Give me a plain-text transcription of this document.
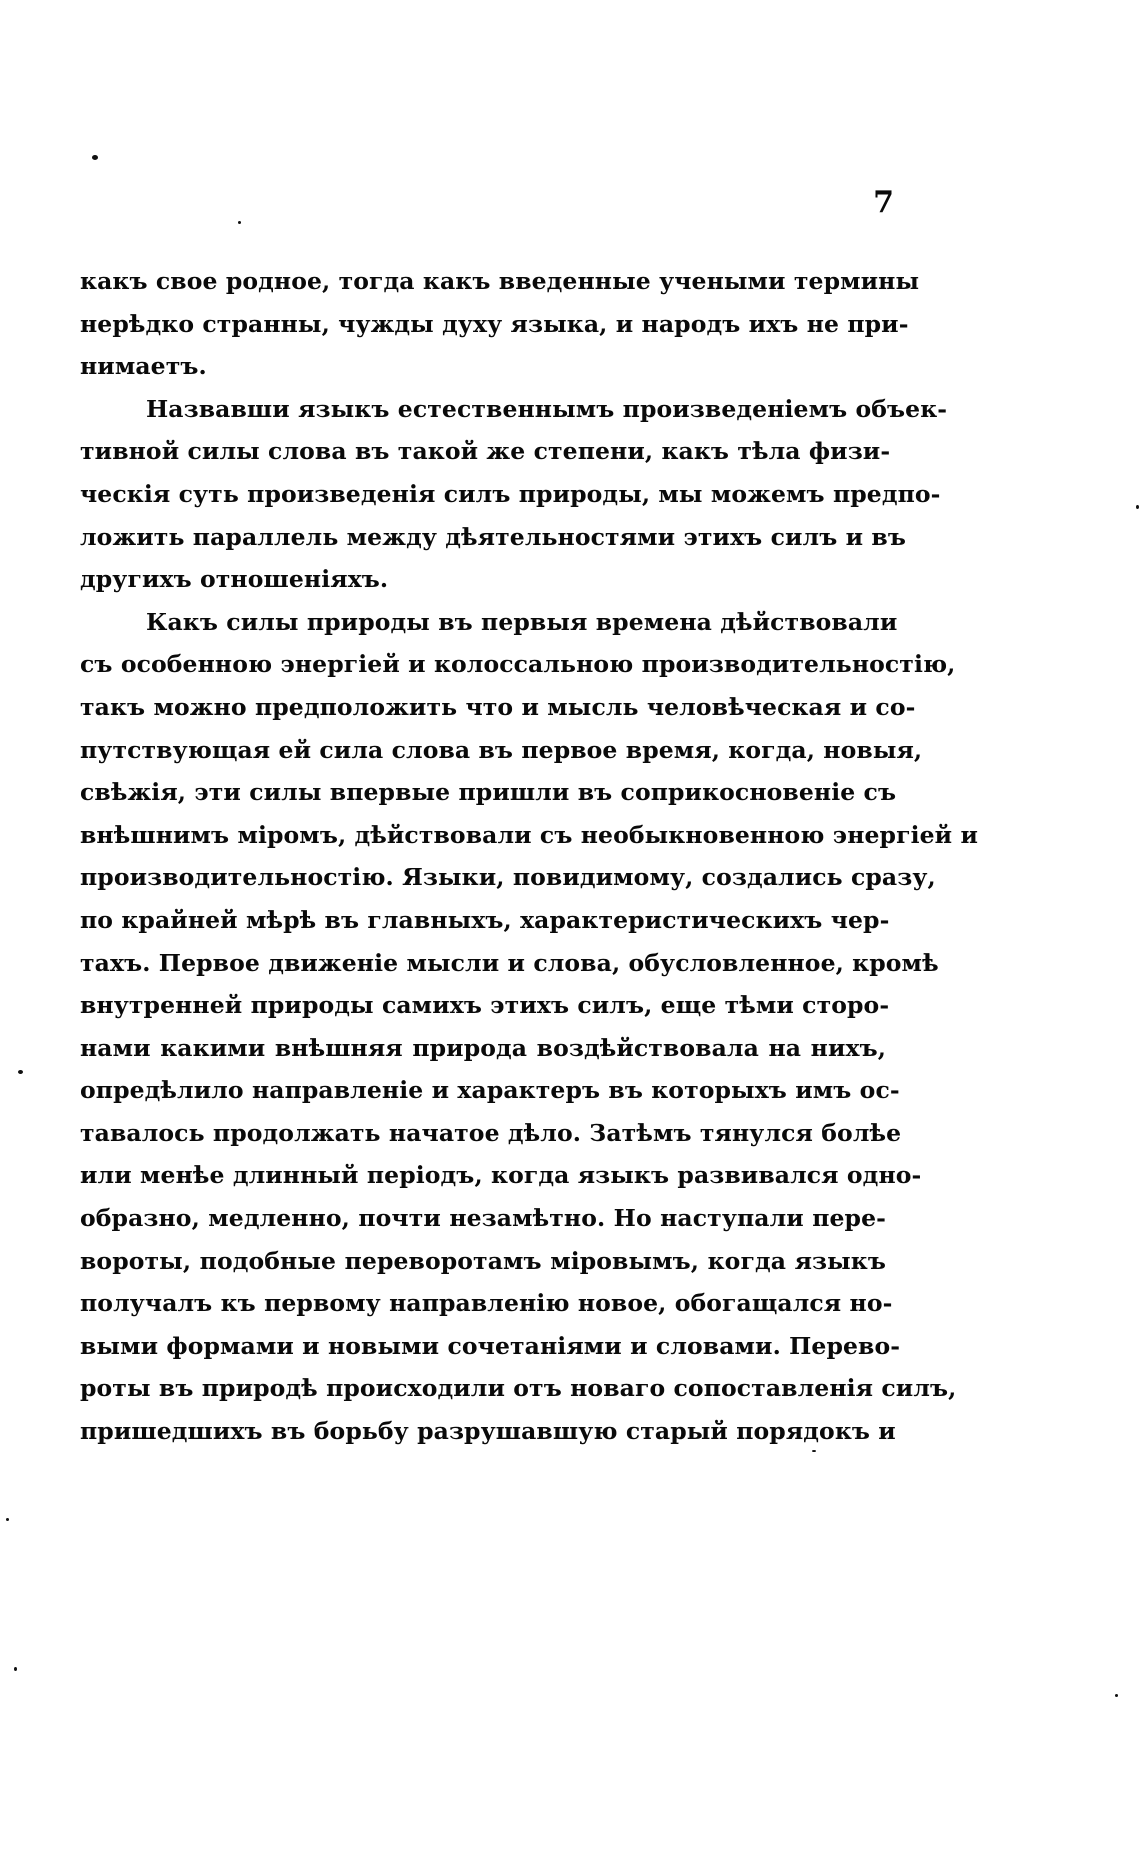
7

какъ свое родное, тогда какъ введенные учеными термины
нерѣдко странны, чужды духу языка, и народъ ихъ не при-
нимаетъ.

Назвавши языкъ естественнымъ произведеніемъ объек-
тивной силы слова въ такой же степени, какъ тѣла физи-
ческія суть произведенія силъ природы, мы можемъ предпо-
ложить параллель между дѣятельностями этихъ силъ и въ
другихъ отношеніяхъ.

Какъ силы природы въ первыя времена дѣйствовали
съ особенною энергіей и колоссальною производительностію,
такъ можно предположить что и мысль человѣческая и со-
путствующая ей сила слова въ первое время, когда, новыя,
свѣжія, эти силы впервые пришли въ соприкосновеніе съ
внѣшнимъ міромъ, дѣйствовали съ необыкновенною энергіей и
производительностію. Языки, повидимому, создались сразу,
по крайней мѣрѣ въ главныхъ, характеристическихъ чер-
тахъ. Первое движеніе мысли и слова, обусловленное, кромѣ
внутренней природы самихъ этихъ силъ, еще тѣми сторо-
нами какими внѣшняя природа воздѣйствовала на нихъ,
опредѣлило направленіе и характеръ въ которыхъ имъ ос-
тавалось продолжать начатое дѣло. Затѣмъ тянулся болѣе
или менѣе длинный періодъ, когда языкъ развивался одно-
образно, медленно, почти незамѣтно. Но наступали пере-
вороты, подобные переворотамъ міровымъ, когда языкъ
получалъ къ первому направленію новое, обогащался но-
выми формами и новыми сочетаніями и словами. Перево-
роты въ природѣ происходили отъ новаго сопоставленія силъ,
пришедшихъ въ борьбу разрушавшую старый порядокъ и
